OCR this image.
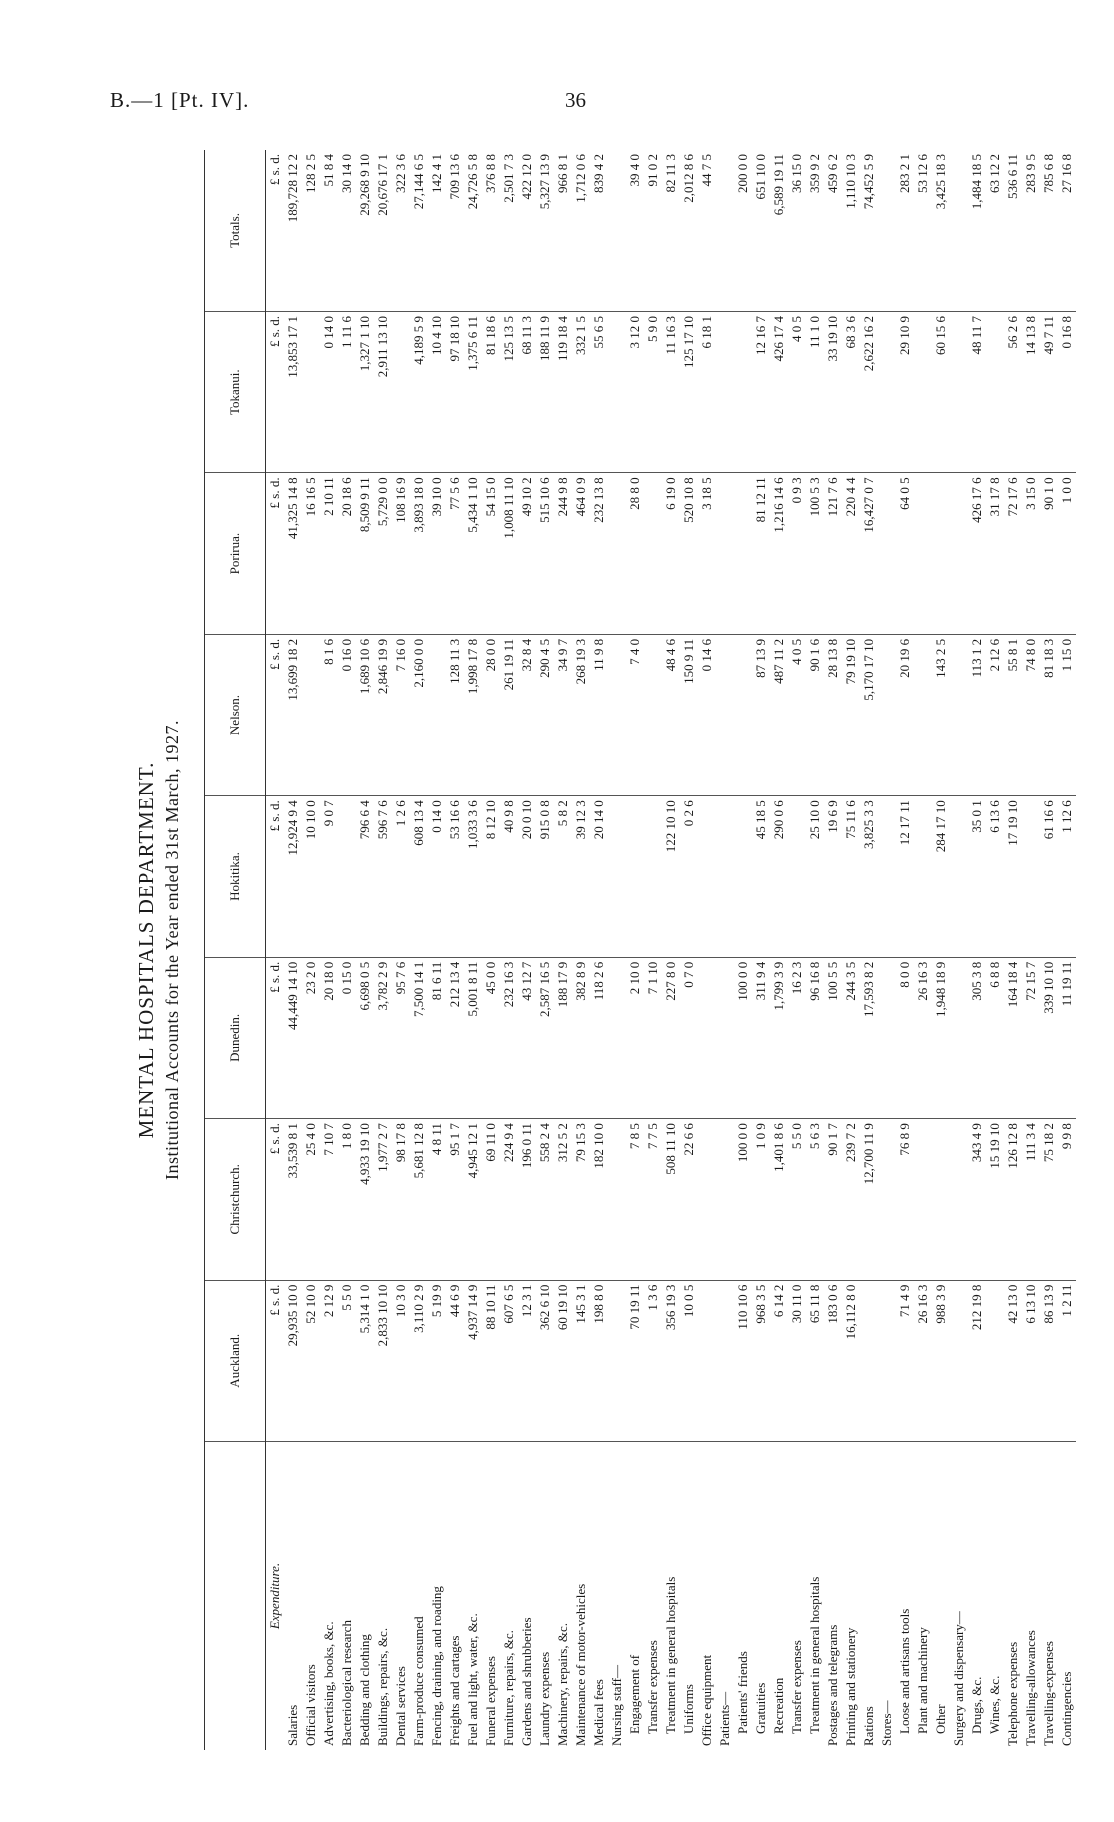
B.—1 [Pt. IV].	36
MENTAL HOSPITALS DEPARTMENT. Institutional Accounts for the Year ended 31st March, 1927.
	Auckland.	Christchurch.	Dunedin.	Hokitika.	Nelson.	Porirua.	Tokanui.	Totals.
Expenditure.	£ s. d.	£ s. d.	£ s. d.	£ s. d.	£ s. d.	£ s. d.	£ s. d.	£ s. d.
Salaries	29,935 10 0	33,539 8 1	44,449 14 10	12,924 9 4	13,699 18 2	41,325 14 8	13,853 17 1	189,728 12 2
Official visitors	52 10 0	25 4 0	23 2 0	10 10 0		16 16 5		128 2 5
Advertising, books, &c.	2 12 9	7 10 7	20 18 0	9 0 7	8 1 6	2 10 11	0 14 0	51 8 4
Bacteriological research	5 5 0	1 8 0	0 15 0		0 16 0	20 18 6	1 11 6	30 14 0
Bedding and clothing	5,314 1 0	4,933 19 10	6,698 0 5	796 6 4	1,689 10 6	8,509 9 11	1,327 1 10	29,268 9 10
Buildings, repairs, &c.	2,833 10 10	1,977 2 7	3,782 2 9	596 7 6	2,846 19 9	5,729 0 0	2,911 13 10	20,676 17 1
Dental services	10 3 0	98 17 8	95 7 6	1 2 6	7 16 0	108 16 9		322 3 6
Farm-produce consumed	3,110 2 9	5,681 12 8	7,500 14 1	608 13 4	2,160 0 0	3,893 18 0	4,189 5 9	27,144 6 5
Fencing, draining, and roading	5 19 9	4 8 11	81 6 11	0 14 0		39 10 0	10 4 10	142 4 1
Freights and cartages	44 6 9	95 1 7	212 13 4	53 16 6	128 11 3	77 5 6	97 18 10	709 13 6
Fuel and light, water, &c.	4,937 14 9	4,945 12 1	5,001 8 11	1,033 3 6	1,998 17 8	5,434 1 10	1,375 6 11	24,726 5 8
Funeral expenses	88 10 11	69 11 0	45 0 0	8 12 10	28 0 0	54 15 0	81 18 6	376 8 8
Furniture, repairs, &c.	607 6 5	224 9 4	232 16 3	40 9 8	261 19 11	1,008 11 10	125 13 5	2,501 7 3
Gardens and shrubberies	12 3 1	196 0 11	43 12 7	20 0 10	32 8 4	49 10 2	68 11 3	422 12 0
Laundry expenses	362 6 10	558 2 4	2,587 16 5	915 0 8	290 4 5	515 10 6	188 11 9	5,327 13 9
Machinery, repairs, &c.	60 19 10	312 5 2	188 17 9	5 8 2	34 9 7	244 9 8	119 18 4	966 8 1
Maintenance of motor-vehicles	145 3 1	79 15 3	382 8 9	39 12 3	268 19 3	464 0 9	332 1 5	1,712 0 6
Medical fees	198 8 0	182 10 0	118 2 6	20 14 0	11 9 8	232 13 8	55 6 5	839 4 2
Nursing staff—								
Engagement of	70 19 11	7 8 5	2 10 0		7 4 0	28 8 0	3 12 0	39 4 0
Transfer expenses	1 3 6	7 7 5	7 1 10				5 9 0	91 0 2
Treatment in general hospitals	356 19 3	508 11 10	227 8 0	122 10 10	48 4 6	6 19 0	11 16 3	82 11 3
Uniforms	10 0 5	22 6 6	0 7 0	0 2 6	150 9 11	520 10 8	125 17 10	2,012 8 6
Office equipment					0 14 6	3 18 5	6 18 1	44 7 5
Patients—								
Patients' friends	110 10 6	100 0 0	100 0 0					200 0 0
Gratuities	968 3 5	1 0 9	311 9 4	45 18 5	87 13 9	81 12 11	12 16 7	651 10 0
Recreation	6 14 2	1,401 8 6	1,799 3 9	290 0 6	487 11 2	1,216 14 6	426 17 4	6,589 19 11
Transfer expenses	30 11 0	5 5 0	16 2 3		4 0 5	0 9 3	4 0 5	36 15 0
Treatment in general hospitals	65 11 8	5 6 3	96 16 8	25 10 0	90 1 6	100 5 3	11 1 0	359 9 2
Postages and telegrams	183 0 6	90 1 7	100 5 5	19 6 9	28 13 8	121 7 6	33 19 10	459 6 2
Printing and stationery	16,112 8 0	239 7 2	244 3 5	75 11 6	79 19 10	220 4 4	68 3 6	1,110 10 3
Rations		12,700 11 9	17,593 8 2	3,825 3 3	5,170 17 10	16,427 0 7	2,622 16 2	74,452 5 9
Stores—								
Loose and artisans tools	71 4 9	76 8 9	8 0 0	12 17 11	20 19 6	64 0 5	29 10 9	283 2 1
Plant and machinery	26 16 3		26 16 3					53 12 6
Other	988 3 9		1,948 18 9	284 17 10	143 2 5		60 15 6	3,425 18 3
Surgery and dispensary—								
Drugs, &c.	212 19 8	343 4 9	305 3 8	35 0 1	113 1 2	426 17 6	48 11 7	1,484 18 5
Wines, &c.		15 19 10	6 8 8	6 13 6	2 12 6	31 17 8		63 12 2
Telephone expenses	42 13 0	126 12 8	164 18 4	17 19 10	55 8 1	72 17 6	56 2 6	536 6 11
Travelling-allowances	6 13 10	111 3 4	72 15 7		74 8 0	3 15 0	14 13 8	283 9 5
Travelling-expenses	86 13 9	75 18 2	339 10 10	61 16 6	81 18 3	90 1 0	49 7 11	785 6 8
Contingencies	1 2 11	9 9 8	11 19 11	1 12 6	1 15 0	1 0 0	0 16 8	27 16 8
